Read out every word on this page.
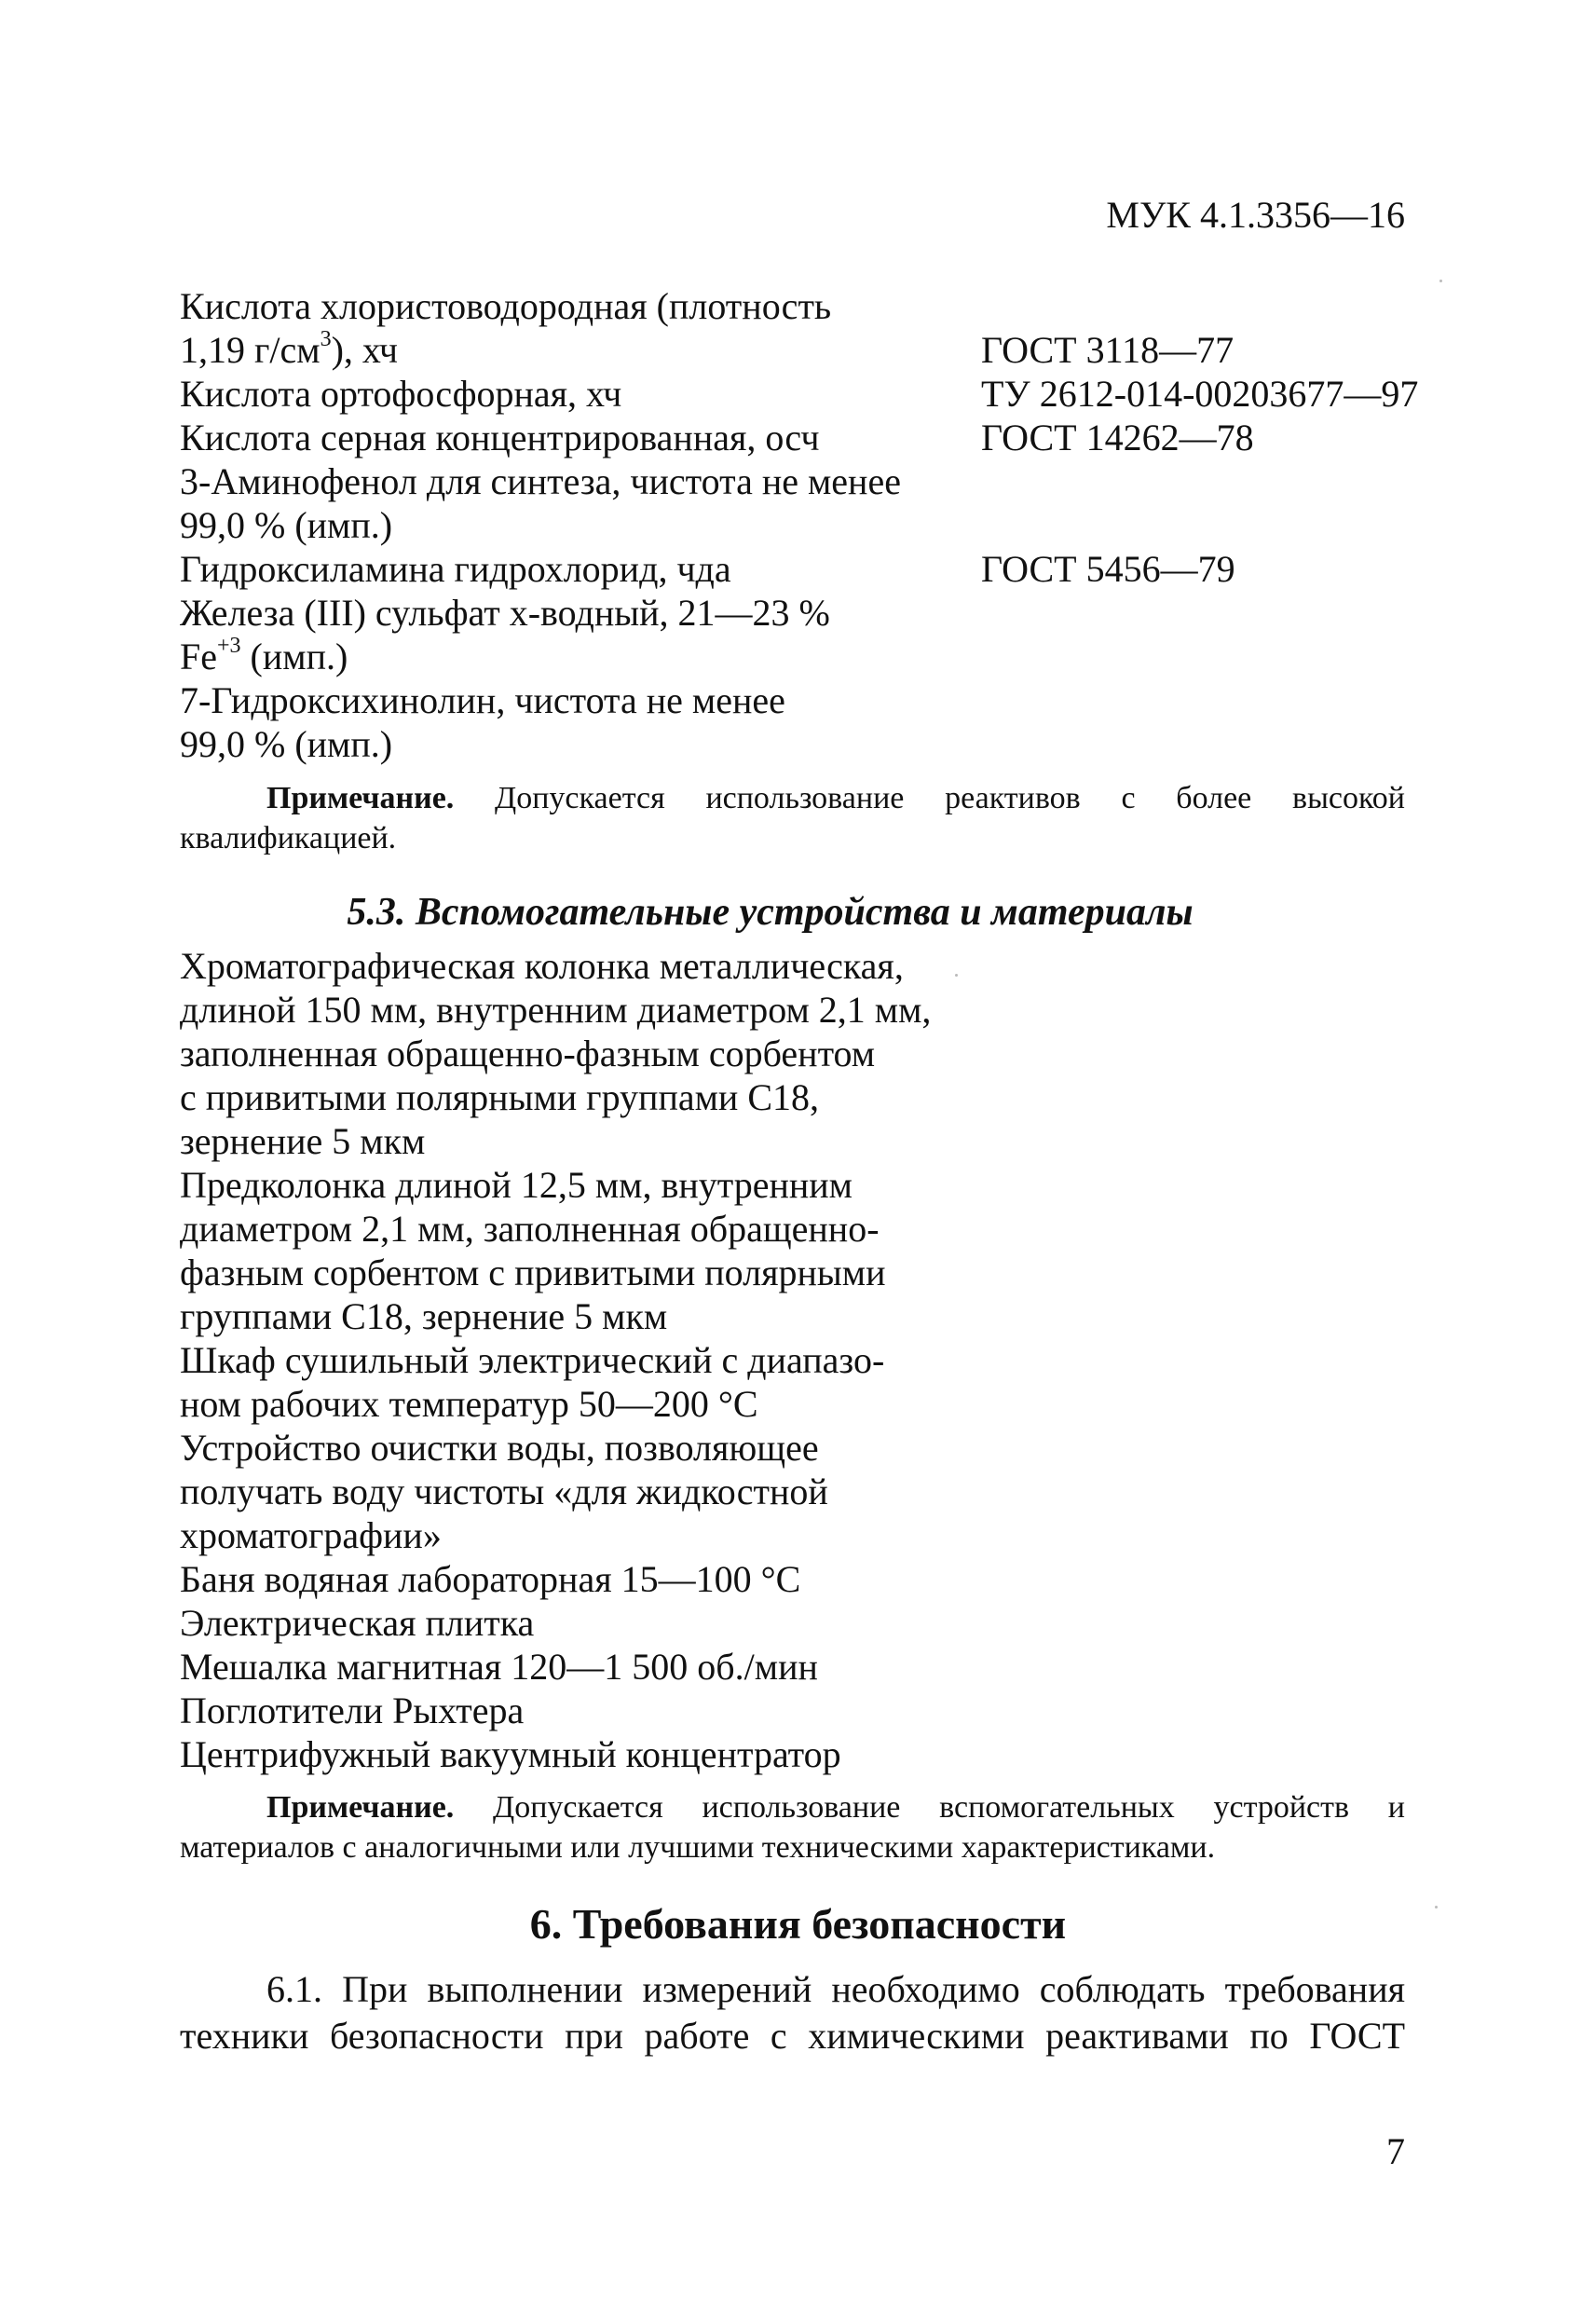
МУК 4.1.3356—16
Кислота хлористоводородная (плотность
1,19 $г/см^3$), хч	ГОСТ 3118—77
Кислота ортофосфорная, хч	ТУ 2612-014-00203677—97
Кислота серная концентрированная, осч	ГОСТ 14262—78
3-Аминофенол для синтеза, чистота не менее
99,0 % (имп.)
Гидроксиламина гидрохлорид, чда	ГОСТ 5456—79
Железа (III) сульфат х-водный, 21—23 %
$Fe^{+3}$ (имп.)
7-Гидроксихинолин, чистота не менее
99,0 % (имп.)
Примечание. Допускается использование реактивов с более высокой квалификацией.
5.3. Вспомогательные устройства и материалы
Хроматографическая колонка металлическая,
длиной 150 мм, внутренним диаметром 2,1 мм,
заполненная обращенно-фазным сорбентом
с привитыми полярными группами С18,
зернение 5 мкм
Предколонка длиной 12,5 мм, внутренним
диаметром 2,1 мм, заполненная обращенно-
фазным сорбентом с привитыми полярными
группами С18, зернение 5 мкм
Шкаф сушильный электрический с диапазо-
ном рабочих температур 50—200 °С
Устройство очистки воды, позволяющее
получать воду чистоты «для жидкостной
хроматографии»
Баня водяная лабораторная 15—100 °С
Электрическая плитка
Мешалка магнитная 120—1 500 об./мин
Поглотители Рыхтера
Центрифужный вакуумный концентратор
Примечание. Допускается использование вспомогательных устройств и материалов с аналогичными или лучшими техническими характеристиками.
6. Требования безопасности
6.1. При выполнении измерений необходимо соблюдать требования
техники безопасности при работе с химическими реактивами по ГОСТ
7
